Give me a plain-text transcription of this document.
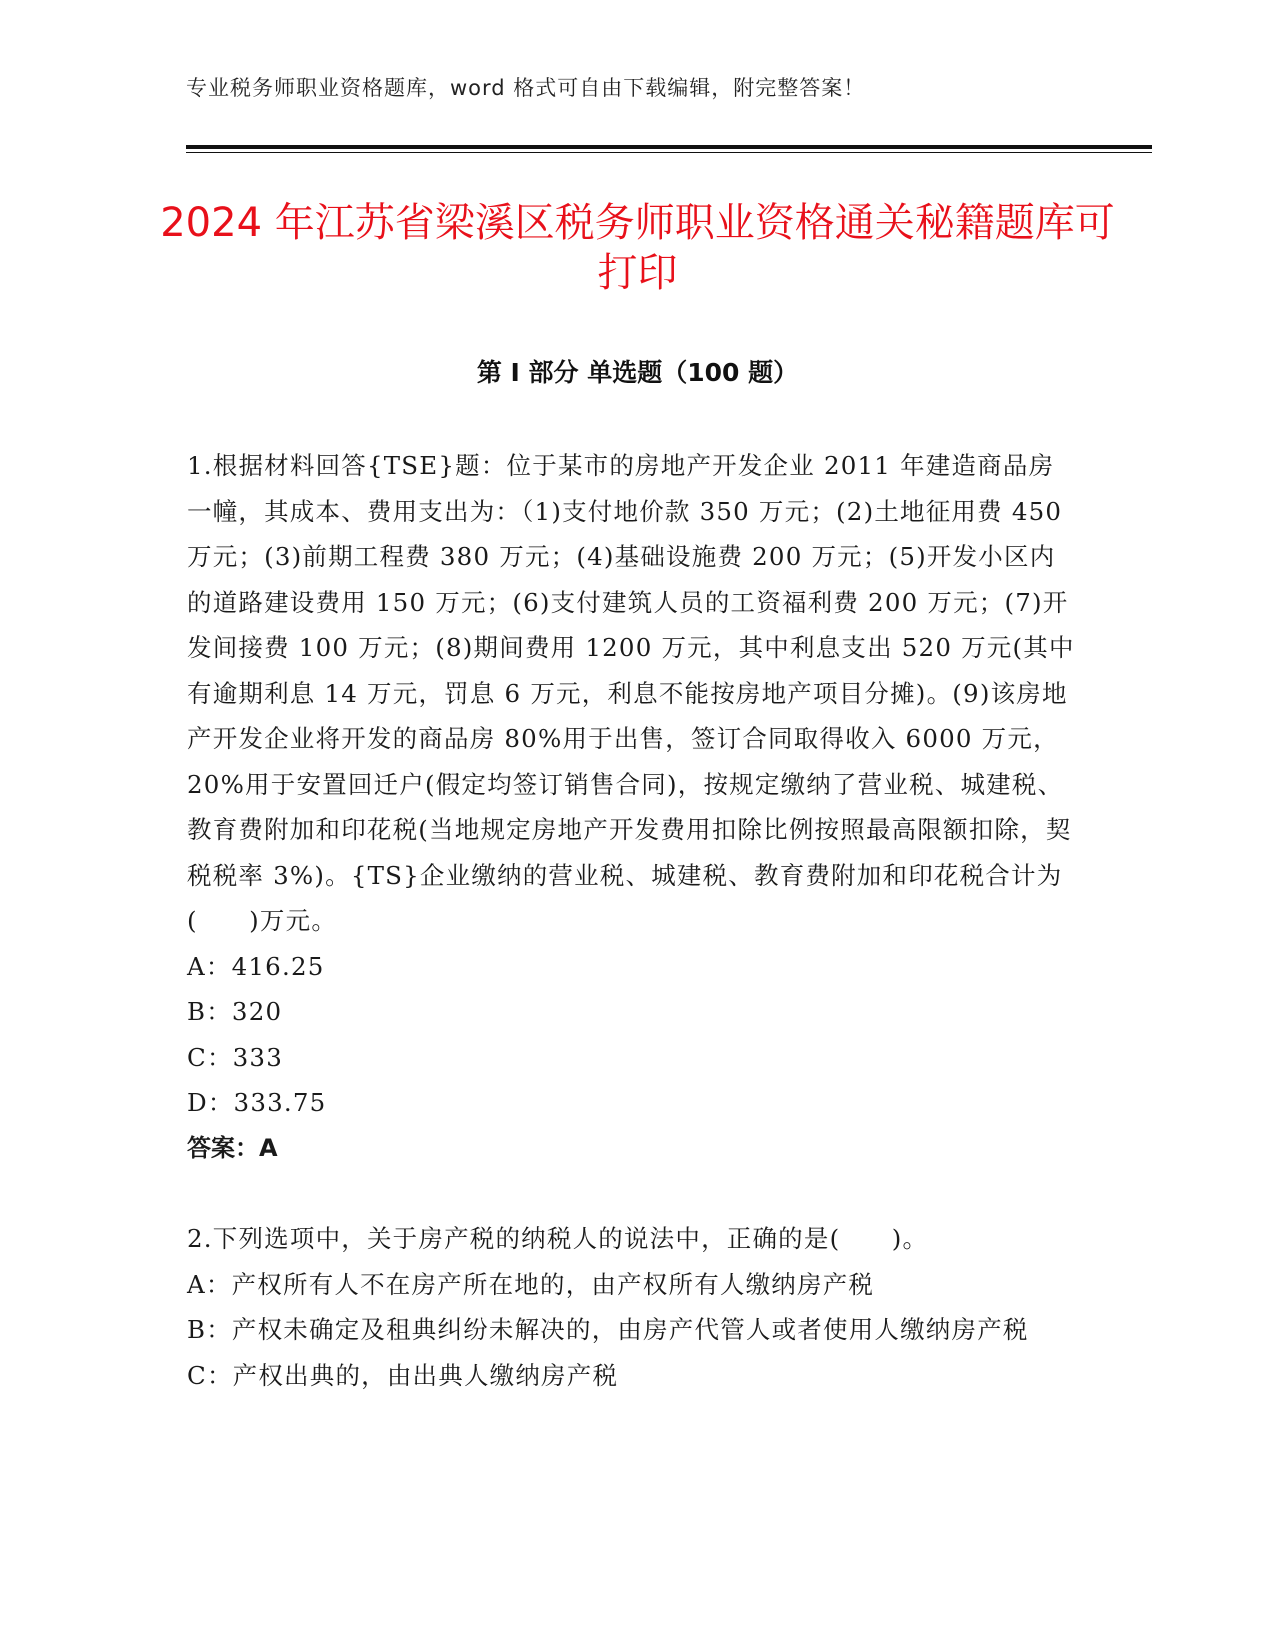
专业税务师职业资格题库，word 格式可自由下载编辑，附完整答案！
2024 年江苏省梁溪区税务师职业资格通关秘籍题库可打印
第 I 部分 单选题（100 题）
1.根据材料回答{TSE}题：位于某市的房地产开发企业 2011 年建造商品房一幢，其成本、费用支出为：（1)支付地价款 350 万元；(2)土地征用费 450 万元；(3)前期工程费 380 万元；(4)基础设施费 200 万元；(5)开发小区内的道路建设费用 150 万元；(6)支付建筑人员的工资福利费 200 万元；(7)开发间接费 100 万元；(8)期间费用 1200 万元，其中利息支出 520 万元(其中有逾期利息 14 万元，罚息 6 万元，利息不能按房地产项目分摊)。(9)该房地产开发企业将开发的商品房 80%用于出售，签订合同取得收入 6000 万元，20%用于安置回迁户(假定均签订销售合同)，按规定缴纳了营业税、城建税、教育费附加和印花税(当地规定房地产开发费用扣除比例按照最高限额扣除，契税税率 3%)。{TS}企业缴纳的营业税、城建税、教育费附加和印花税合计为(　　)万元。
A：416.25
B：320
C：333
D：333.75
答案：A
2.下列选项中，关于房产税的纳税人的说法中，正确的是(　　)。
A：产权所有人不在房产所在地的，由产权所有人缴纳房产税
B：产权未确定及租典纠纷未解决的，由房产代管人或者使用人缴纳房产税
C：产权出典的，由出典人缴纳房产税
